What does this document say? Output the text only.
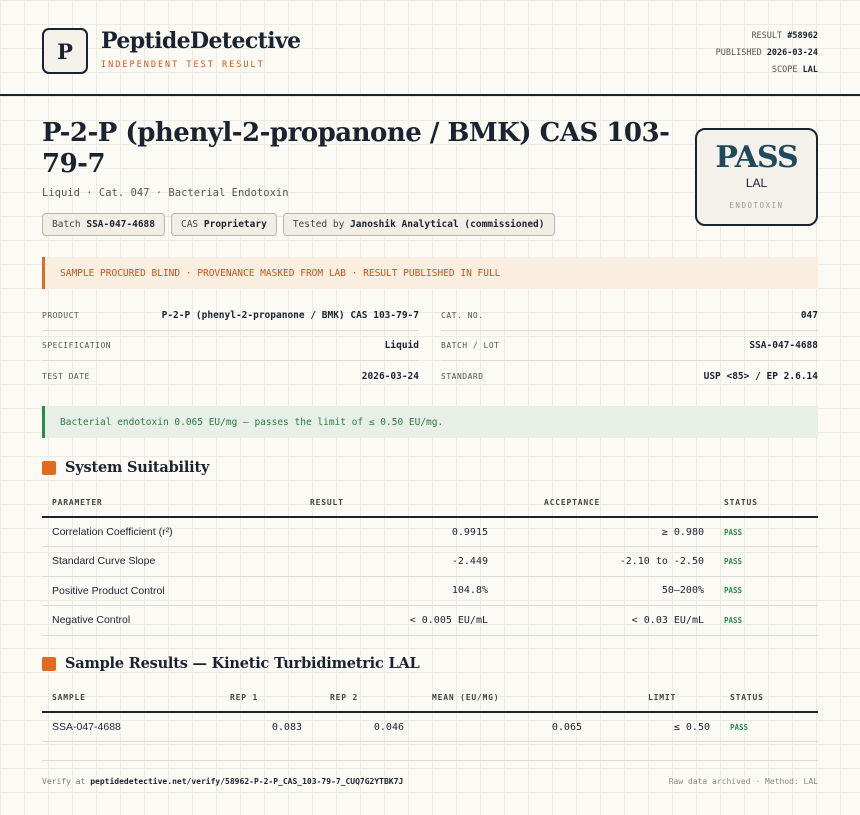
P	PeptideDetective
INDEPENDENT TEST RESULT
RESULT #58962
PUBLISHED 2026-03-24
SCOPE LAL
P-2-P (phenyl-2-propanone / BMK) CAS 103-79-7
Liquid · Cat. 047 · Bacterial Endotoxin
Batch SSA-047-4688	CAS Proprietary	Tested by Janoshik Analytical (commissioned)
PASS
LAL
ENDOTOXIN
SAMPLE PROCURED BLIND · PROVENANCE MASKED FROM LAB · RESULT PUBLISHED IN FULL
PRODUCT	P-2-P (phenyl-2-propanone / BMK) CAS 103-79-7
SPECIFICATION	Liquid
TEST DATE	2026-03-24
CAT. NO.	047
BATCH / LOT	SSA-047-4688
STANDARD	USP <85> / EP 2.6.14
Bacterial endotoxin 0.065 EU/mg — passes the limit of ≤ 0.50 EU/mg.
System Suitability
PARAMETER	RESULT	ACCEPTANCE	STATUS
Correlation Coefficient (r²)	0.9915	≥ 0.980	PASS
Standard Curve Slope	-2.449	-2.10 to -2.50	PASS
Positive Product Control	104.8%	50–200%	PASS
Negative Control	< 0.005 EU/mL	< 0.03 EU/mL	PASS
Sample Results — Kinetic Turbidimetric LAL
SAMPLE	REP 1	REP 2	MEAN (EU/MG)	LIMIT	STATUS
SSA-047-4688	0.083	0.046	0.065	≤ 0.50	PASS
Verify at peptidedetective.net/verify/58962-P-2-P_CAS_103-79-7_CUQ7G2YTBK7J	Raw data archived · Method: LAL
